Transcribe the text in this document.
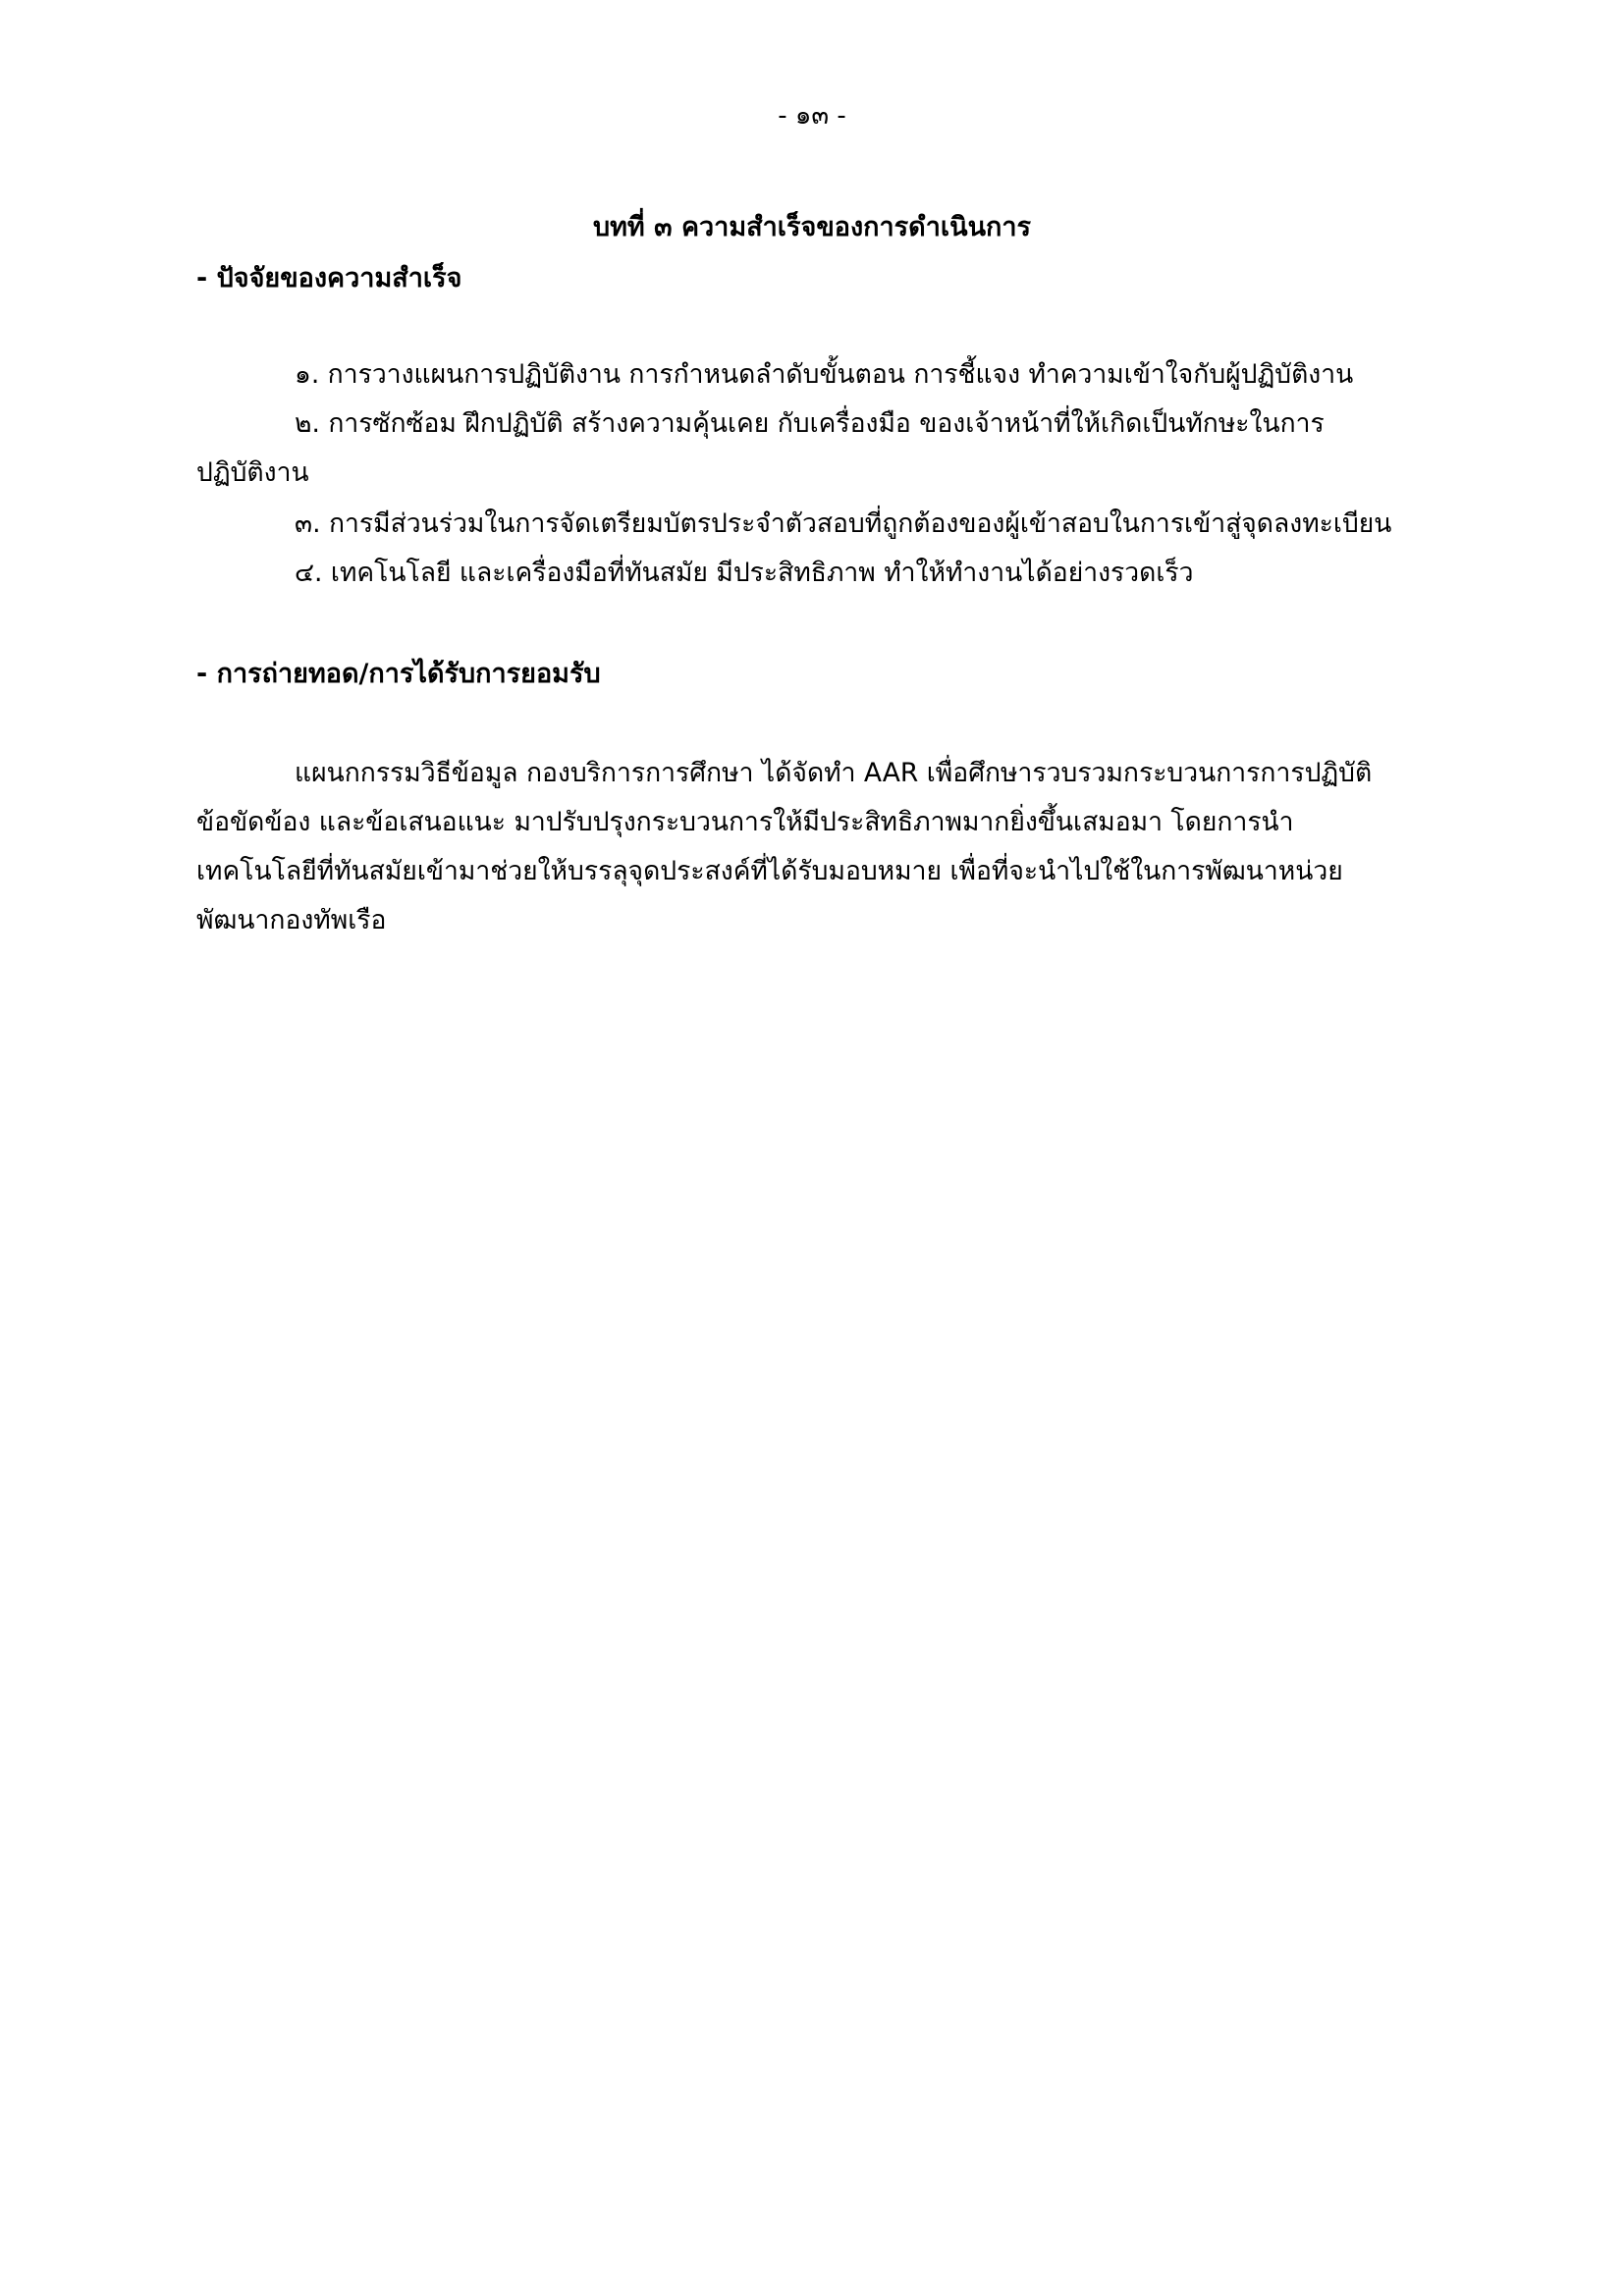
- ๑๓ -
บทที่ ๓ ความสำเร็จของการดำเนินการ
- ปัจจัยของความสำเร็จ
๑. การวางแผนการปฏิบัติงาน การกำหนดลำดับขั้นตอน การชี้แจง ทำความเข้าใจกับผู้ปฏิบัติงาน
๒. การซักซ้อม ฝึกปฏิบัติ สร้างความคุ้นเคย กับเครื่องมือ ของเจ้าหน้าที่ให้เกิดเป็นทักษะในการ
ปฏิบัติงาน
๓. การมีส่วนร่วมในการจัดเตรียมบัตรประจำตัวสอบที่ถูกต้องของผู้เข้าสอบในการเข้าสู่จุดลงทะเบียน
๔. เทคโนโลยี และเครื่องมือที่ทันสมัย มีประสิทธิภาพ ทำให้ทำงานได้อย่างรวดเร็ว
- การถ่ายทอด/การได้รับการยอมรับ
แผนกกรรมวิธีข้อมูล กองบริการการศึกษา ได้จัดทำ AAR เพื่อศึกษารวบรวมกระบวนการการปฏิบัติ
ข้อขัดข้อง และข้อเสนอแนะ มาปรับปรุงกระบวนการให้มีประสิทธิภาพมากยิ่งขึ้นเสมอมา โดยการนำ
เทคโนโลยีที่ทันสมัยเข้ามาช่วยให้บรรลุจุดประสงค์ที่ได้รับมอบหมาย เพื่อที่จะนำไปใช้ในการพัฒนาหน่วย
พัฒนากองทัพเรือ
